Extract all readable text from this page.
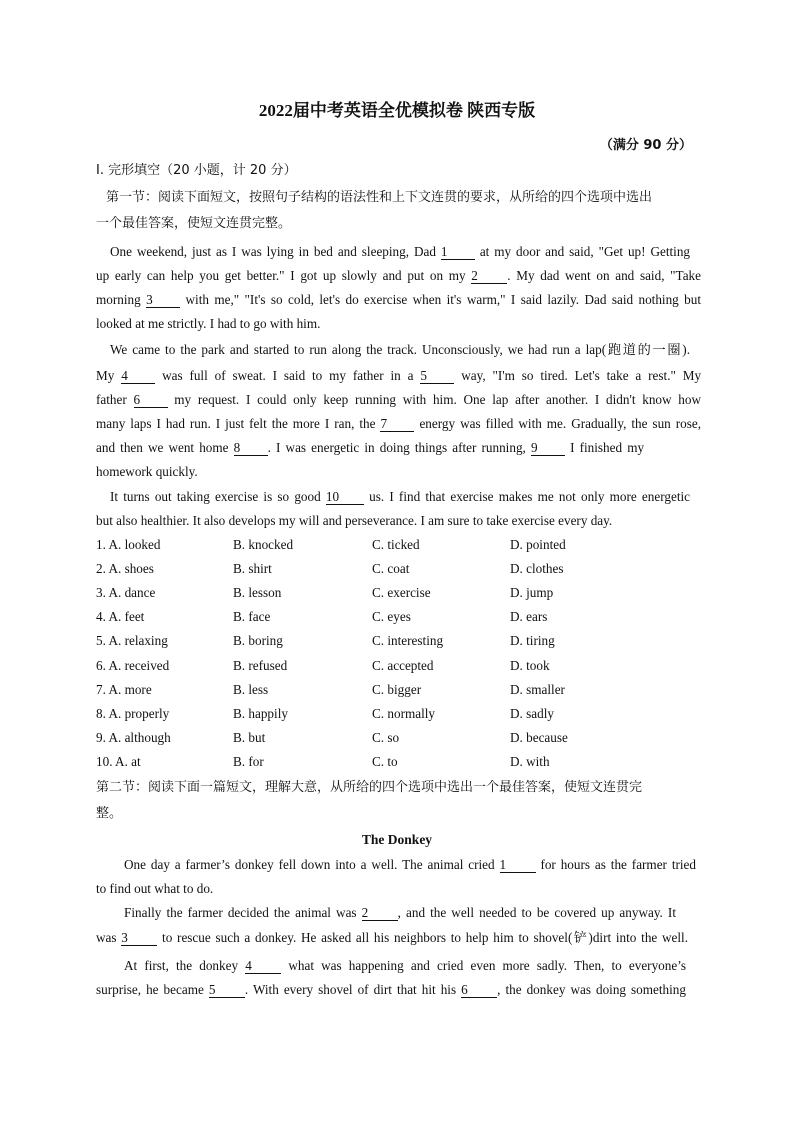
2022届中考英语全优模拟卷 陕西专版
（满分 90 分）
Ⅰ. 完形填空（20 小题，计 20 分）
第一节：阅读下面短文，按照句子结构的语法性和上下文连贯的要求，从所给的四个选项中选出
一个最佳答案，使短文连贯完整。
One weekend, just as I was lying in bed and sleeping, Dad 1 at my door and said, "Get up! Getting
up early can help you get better." I got up slowly and put on my 2 . My dad went on and said, "Take
morning 3 with me," "It's so cold, let's do exercise when it's warm," I said lazily. Dad said nothing but
looked at me strictly. I had to go with him.
We came to the park and started to run along the track. Unconsciously, we had run a lap(跑道的一圈).
My 4	was full of sweat. I said to my father in a 5	way, "I'm so tired. Let's take a rest." My
father 6	my request. I could only keep running with him. One lap after another. I didn't know how
many laps I had run. I just felt the more I ran, the 7 energy was filled with me. Gradually, the sun rose,
and then we went home 8 . I was energetic in doing things after running, 9 I finished my
homework quickly.
It turns out taking exercise is so good 10 us. I find that exercise makes me not only more energetic
but also healthier. It also develops my will and perseverance. I am sure to take exercise every day.
1. A. looked	B. knocked	C. ticked	D. pointed
2. A. shoes	B. shirt	C. coat	D. clothes
3. A. dance	B. lesson	C. exercise	D. jump
4. A. feet	B. face	C. eyes	D. ears
5. A. relaxing	B. boring	C. interesting	D. tiring
6. A. received	B. refused	C. accepted	D. took
7. A. more	B. less	C. bigger	D. smaller
8. A. properly	B. happily	C. normally	D. sadly
9. A. although	B. but	C. so	D. because
10. A. at	B. for	C. to	D. with
第二节：阅读下面一篇短文，理解大意，从所给的四个选项中选出一个最佳答案，使短文连贯完
整。
The Donkey
One day a farmer’s donkey fell down into a well. The animal cried 1	for hours as the farmer tried
to find out what to do.
Finally the farmer decided the animal was 2 , and the well needed to be covered up anyway. It
was 3	to rescue such a donkey. He asked all his neighbors to help him to shovel(铲)dirt into the well.
At first, the donkey 4	what was happening and cried even more sadly. Then, to everyone’s
surprise, he became 5 . With every shovel of dirt that hit his 6 , the donkey was doing something
